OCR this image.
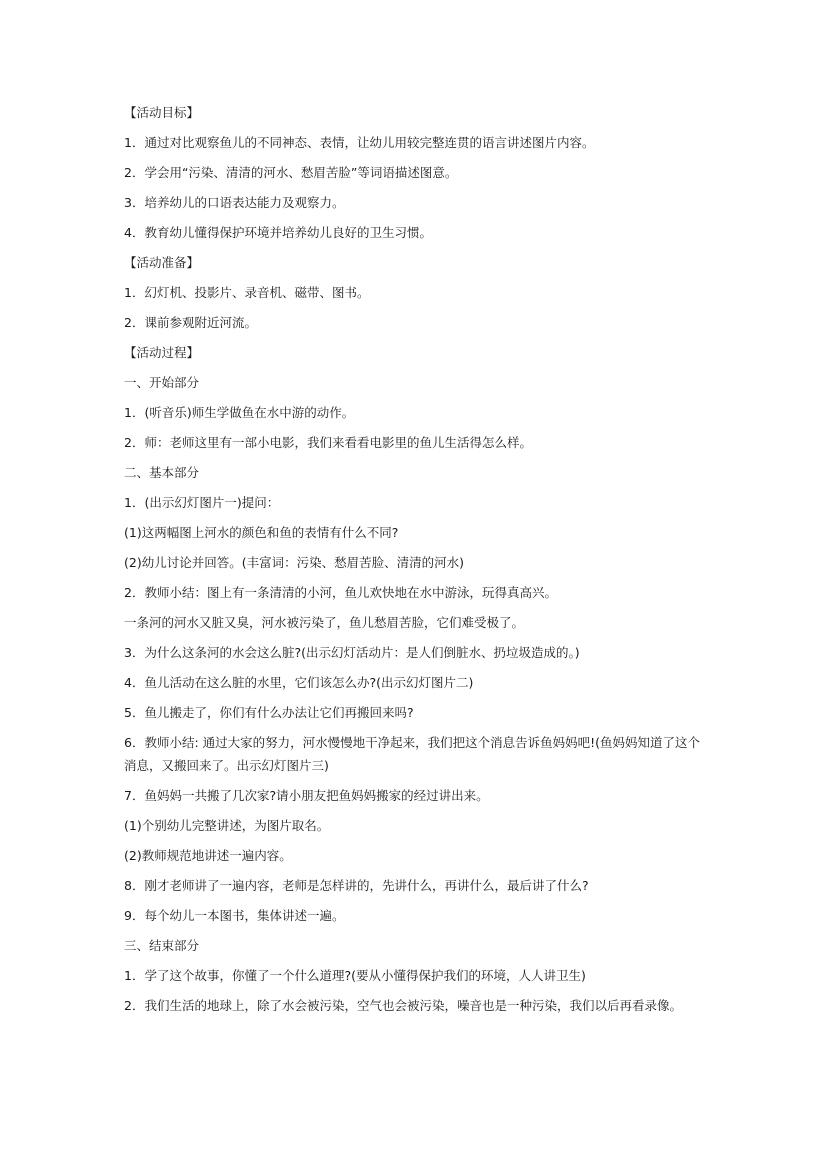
【活动目标】

1．通过对比观察鱼儿的不同神态、表情，让幼儿用较完整连贯的语言讲述图片内容。

2．学会用“污染、清清的河水、愁眉苦脸”等词语描述图意。

3．培养幼儿的口语表达能力及观察力。

4．教育幼儿懂得保护环境并培养幼儿良好的卫生习惯。

【活动准备】

1．幻灯机、投影片、录音机、磁带、图书。

2．课前参观附近河流。

【活动过程】

一、开始部分

1．(听音乐)师生学做鱼在水中游的动作。

2．师：老师这里有一部小电影，我们来看看电影里的鱼儿生活得怎么样。

二、基本部分

1．(出示幻灯图片一)提问：

(1)这两幅图上河水的颜色和鱼的表情有什么不同?

(2)幼儿讨论并回答。(丰富词：污染、愁眉苦脸、清清的河水)

2．教师小结：图上有一条清清的小河，鱼儿欢快地在水中游泳，玩得真高兴。

一条河的河水又脏又臭，河水被污染了，鱼儿愁眉苦脸，它们难受极了。

3．为什么这条河的水会这么脏?(出示幻灯活动片：是人们倒脏水、扔垃圾造成的。)

4．鱼儿活动在这么脏的水里，它们该怎么办?(出示幻灯图片二)

5．鱼儿搬走了，你们有什么办法让它们再搬回来吗?

6．教师小结: 通过大家的努力，河水慢慢地干净起来，我们把这个消息告诉鱼妈妈吧!(鱼妈妈知道了这个

消息，又搬回来了。出示幻灯图片三)

7．鱼妈妈一共搬了几次家?请小朋友把鱼妈妈搬家的经过讲出来。

(1)个别幼儿完整讲述，为图片取名。

(2)教师规范地讲述一遍内容。

8．刚才老师讲了一遍内容，老师是怎样讲的，先讲什么，再讲什么，最后讲了什么?

9．每个幼儿一本图书，集体讲述一遍。

三、结束部分

1．学了这个故事，你懂了一个什么道理?(要从小懂得保护我们的环境，人人讲卫生)

2．我们生活的地球上，除了水会被污染，空气也会被污染，噪音也是一种污染，我们以后再看录像。
